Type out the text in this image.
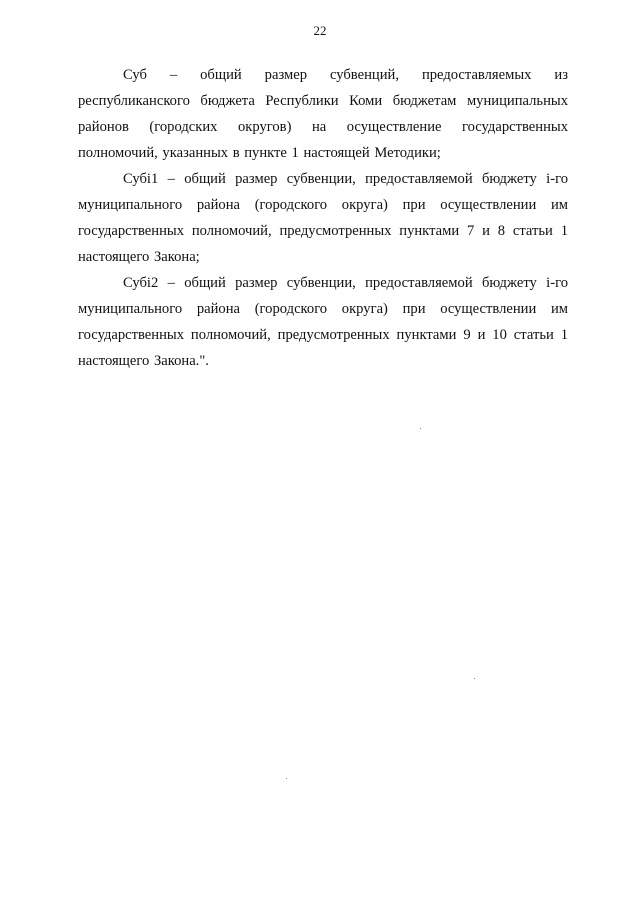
22

Суб – общий размер субвенций, предоставляемых из республиканского бюджета Республики Коми бюджетам муниципальных районов (городских округов) на осуществление государственных полномочий, указанных в пункте 1 настоящей Методики;

Субі1 – общий размер субвенции, предоставляемой бюджету і-го муниципального района (городского округа) при осуществлении им государственных полномочий, предусмотренных пунктами 7 и 8 статьи 1 настоящего Закона;

Субі2 – общий размер субвенции, предоставляемой бюджету і-го муниципального района (городского округа) при осуществлении им государственных полномочий, предусмотренных пунктами 9 и 10 статьи 1 настоящего Закона.".
